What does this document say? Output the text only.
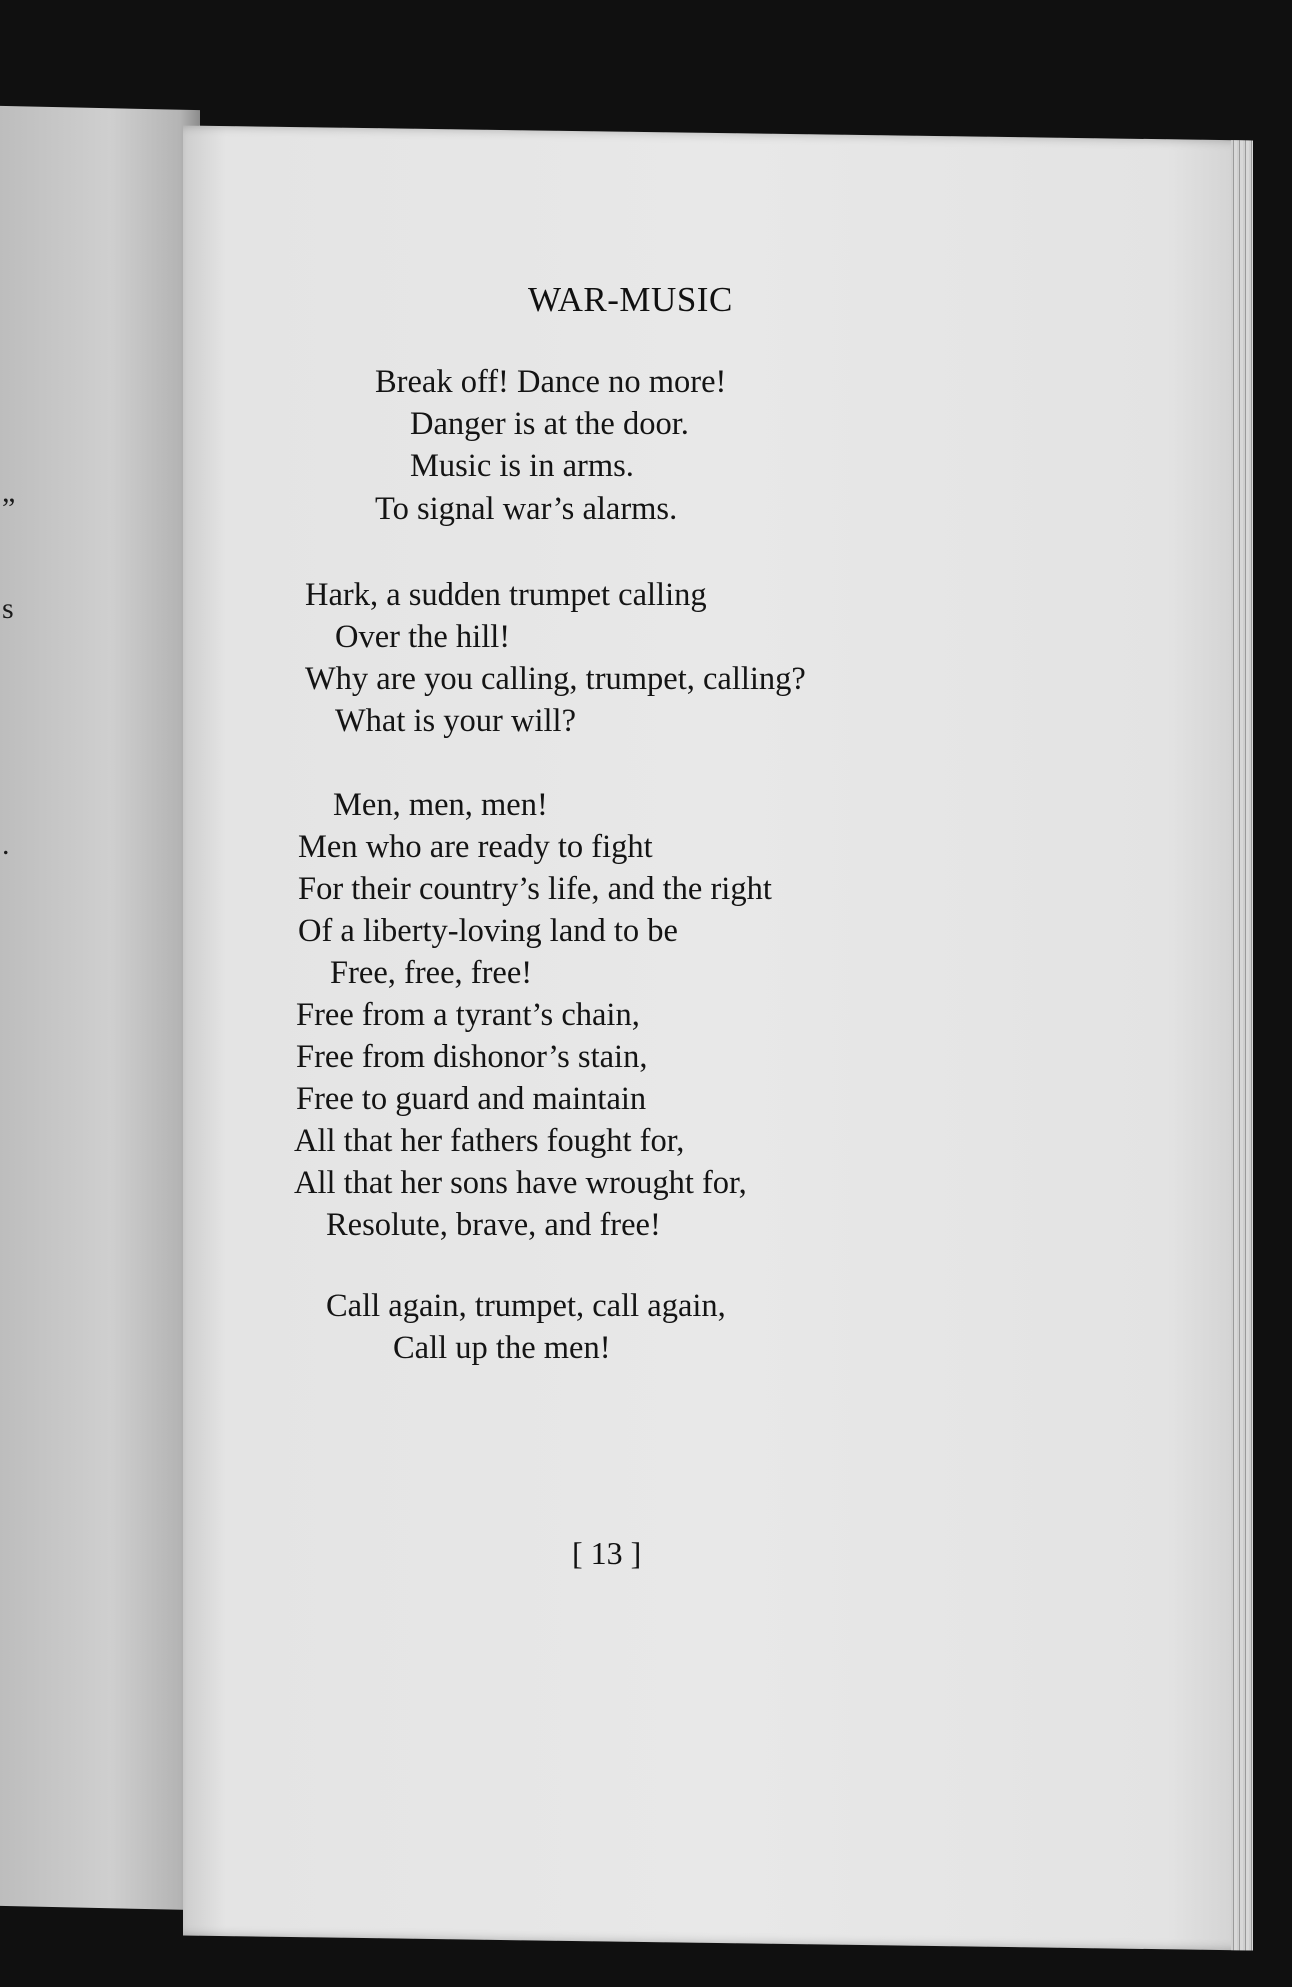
”
s
.
WAR-MUSIC
Break off! Dance no more!
Danger is at the door.
Music is in arms.
To signal war’s alarms.
Hark, a sudden trumpet calling
Over the hill!
Why are you calling, trumpet, calling?
What is your will?
Men, men, men!
Men who are ready to fight
For their country’s life, and the right
Of a liberty-loving land to be
Free, free, free!
Free from a tyrant’s chain,
Free from dishonor’s stain,
Free to guard and maintain
All that her fathers fought for,
All that her sons have wrought for,
Resolute, brave, and free!
Call again, trumpet, call again,
Call up the men!
[ 13 ]
